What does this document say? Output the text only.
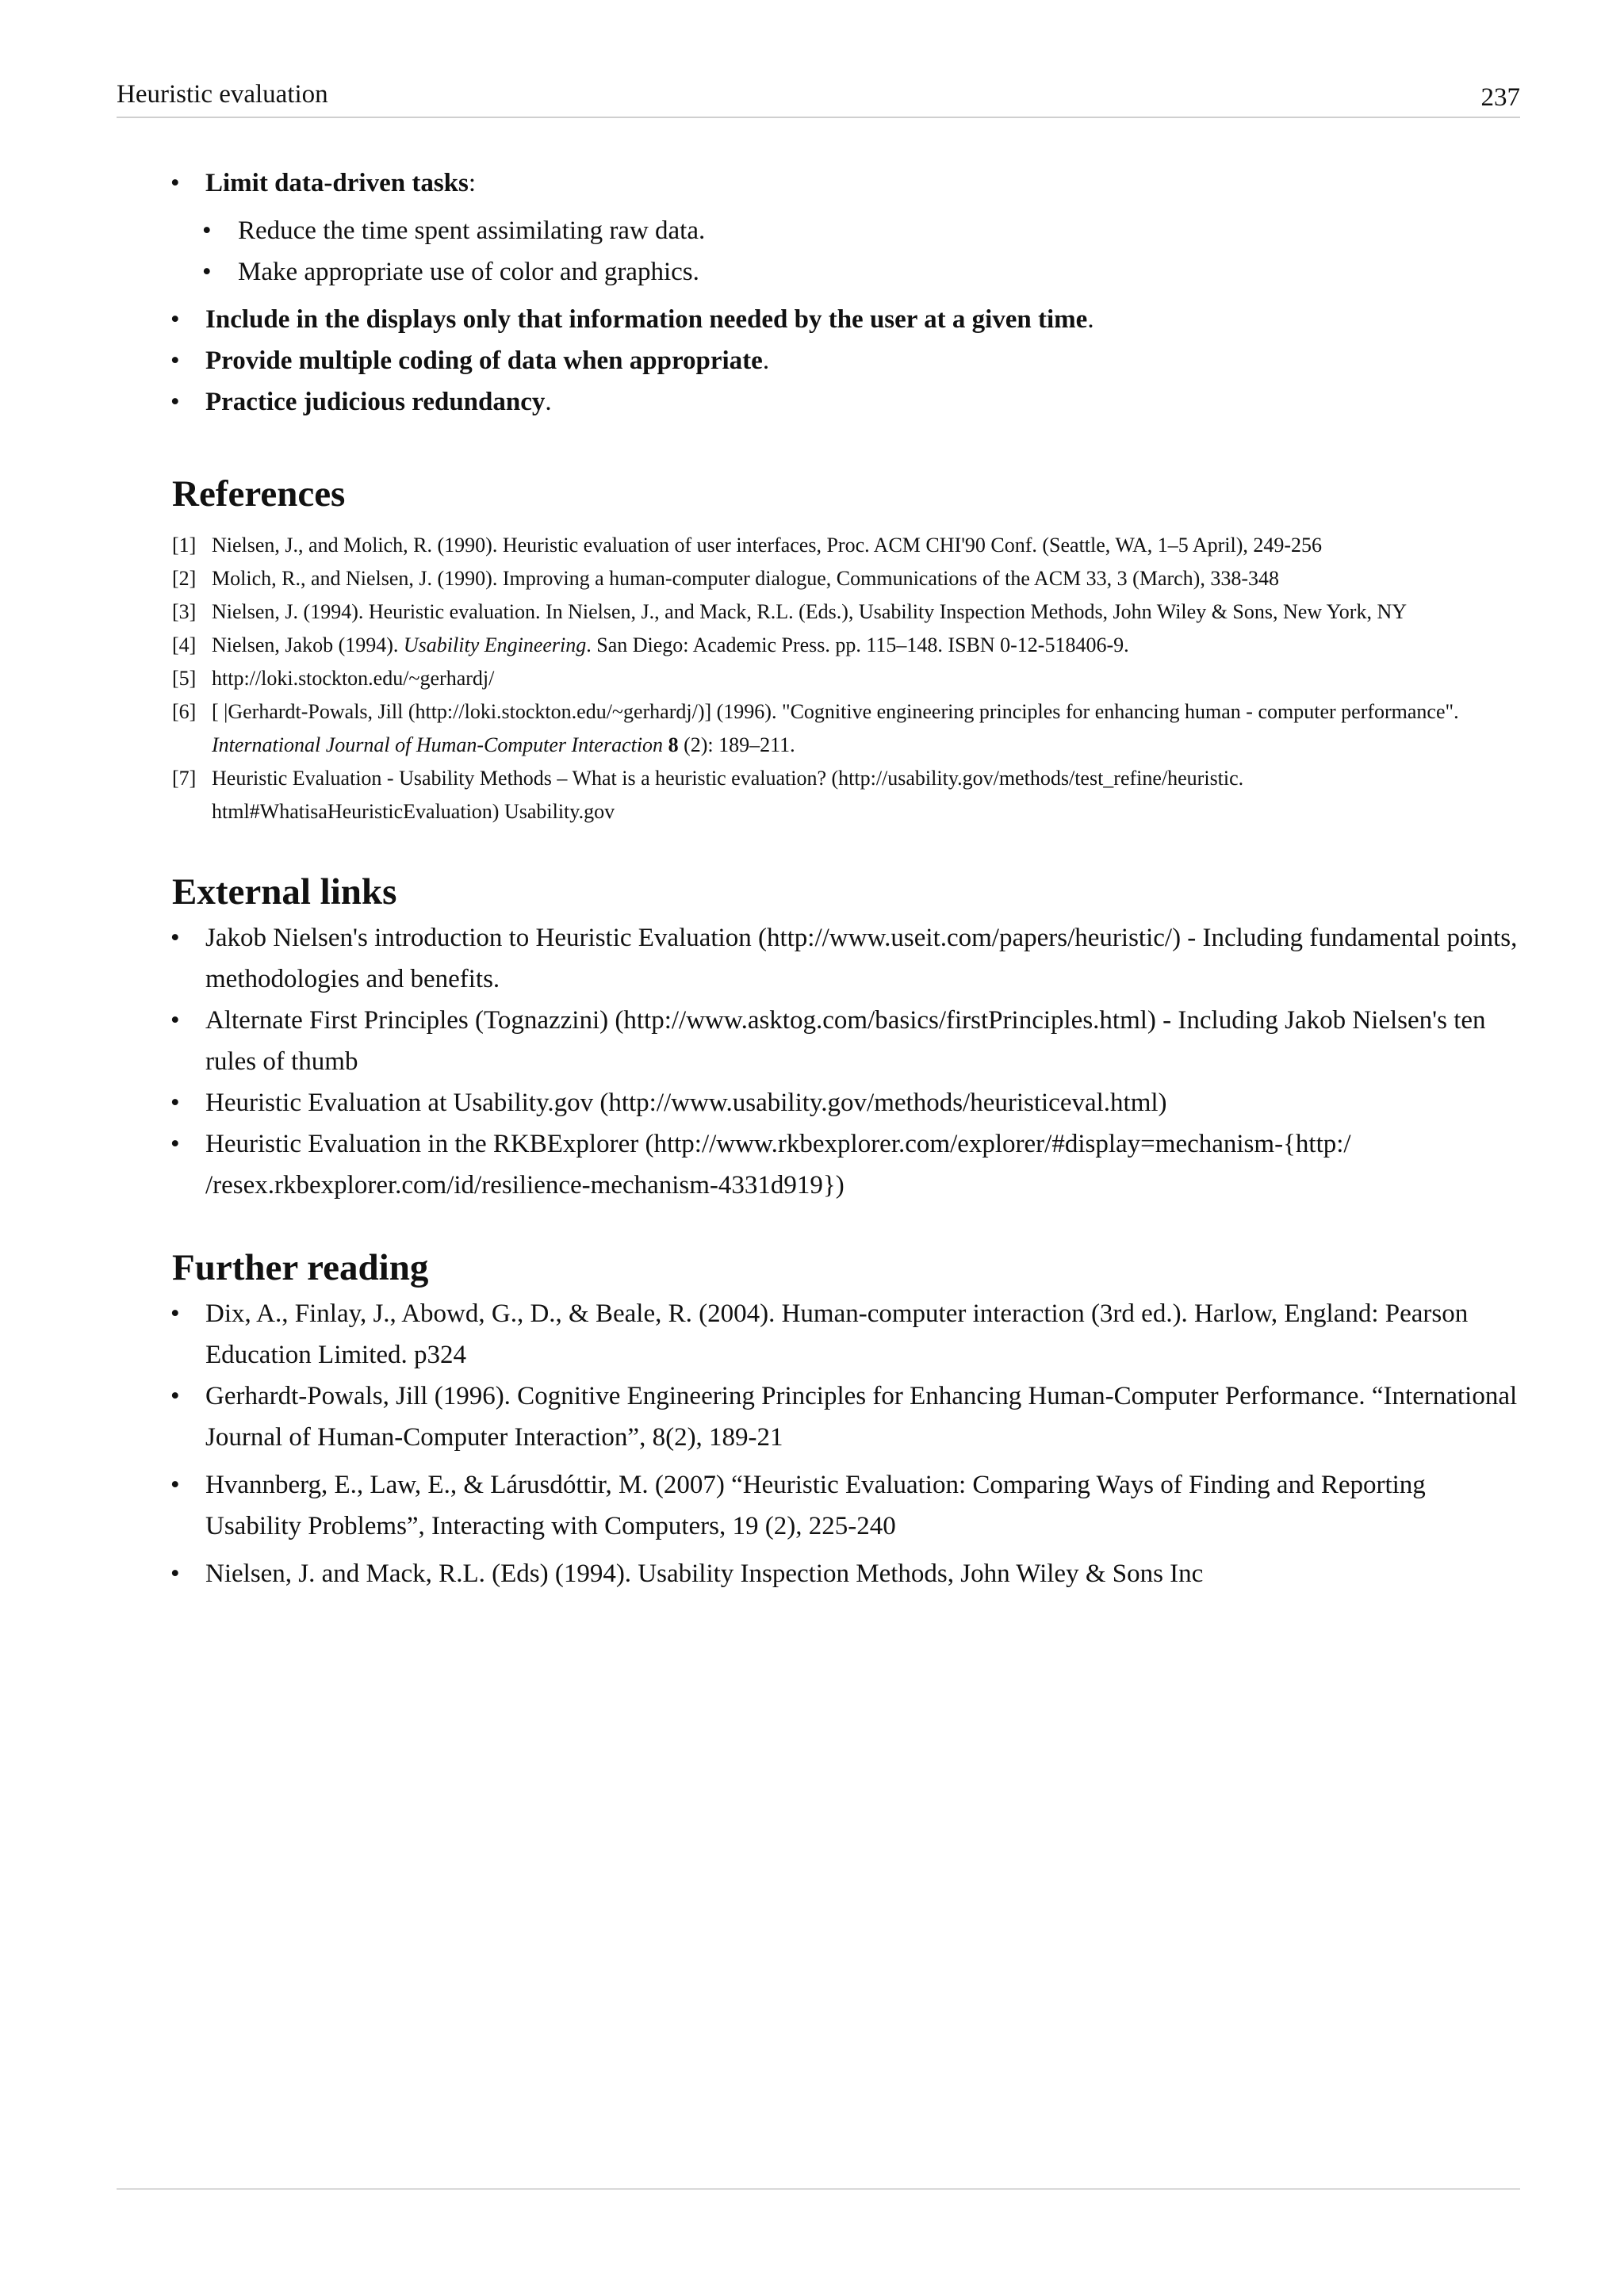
Heuristic evaluation	237
• Limit data-driven tasks:
• Reduce the time spent assimilating raw data.
• Make appropriate use of color and graphics.
• Include in the displays only that information needed by the user at a given time.
• Provide multiple coding of data when appropriate.
• Practice judicious redundancy.
References
[1] Nielsen, J., and Molich, R. (1990). Heuristic evaluation of user interfaces, Proc. ACM CHI'90 Conf. (Seattle, WA, 1–5 April), 249-256
[2] Molich, R., and Nielsen, J. (1990). Improving a human-computer dialogue, Communications of the ACM 33, 3 (March), 338-348
[3] Nielsen, J. (1994). Heuristic evaluation. In Nielsen, J., and Mack, R.L. (Eds.), Usability Inspection Methods, John Wiley & Sons, New York, NY
[4] Nielsen, Jakob (1994). Usability Engineering. San Diego: Academic Press. pp. 115–148. ISBN 0-12-518406-9.
[5] http://loki.stockton.edu/~gerhardj/
[6] [ |Gerhardt-Powals, Jill (http://loki.stockton.edu/~gerhardj/)] (1996). "Cognitive engineering principles for enhancing human - computer performance". International Journal of Human-Computer Interaction 8 (2): 189–211.
[7] Heuristic Evaluation - Usability Methods – What is a heuristic evaluation? (http://usability.gov/methods/test_refine/heuristic. html#WhatisaHeuristicEvaluation) Usability.gov
External links
• Jakob Nielsen's introduction to Heuristic Evaluation (http://www.useit.com/papers/heuristic/) - Including fundamental points, methodologies and benefits.
• Alternate First Principles (Tognazzini) (http://www.asktog.com/basics/firstPrinciples.html) - Including Jakob Nielsen's ten rules of thumb
• Heuristic Evaluation at Usability.gov (http://www.usability.gov/methods/heuristiceval.html)
• Heuristic Evaluation in the RKBExplorer (http://www.rkbexplorer.com/explorer/#display=mechanism-{http:/ /resex.rkbexplorer.com/id/resilience-mechanism-4331d919})
Further reading
• Dix, A., Finlay, J., Abowd, G., D., & Beale, R. (2004). Human-computer interaction (3rd ed.). Harlow, England: Pearson Education Limited. p324
• Gerhardt-Powals, Jill (1996). Cognitive Engineering Principles for Enhancing Human-Computer Performance. “International Journal of Human-Computer Interaction”, 8(2), 189-21
• Hvannberg, E., Law, E., & Lárusdóttir, M. (2007) “Heuristic Evaluation: Comparing Ways of Finding and Reporting Usability Problems”, Interacting with Computers, 19 (2), 225-240
• Nielsen, J. and Mack, R.L. (Eds) (1994). Usability Inspection Methods, John Wiley & Sons Inc
